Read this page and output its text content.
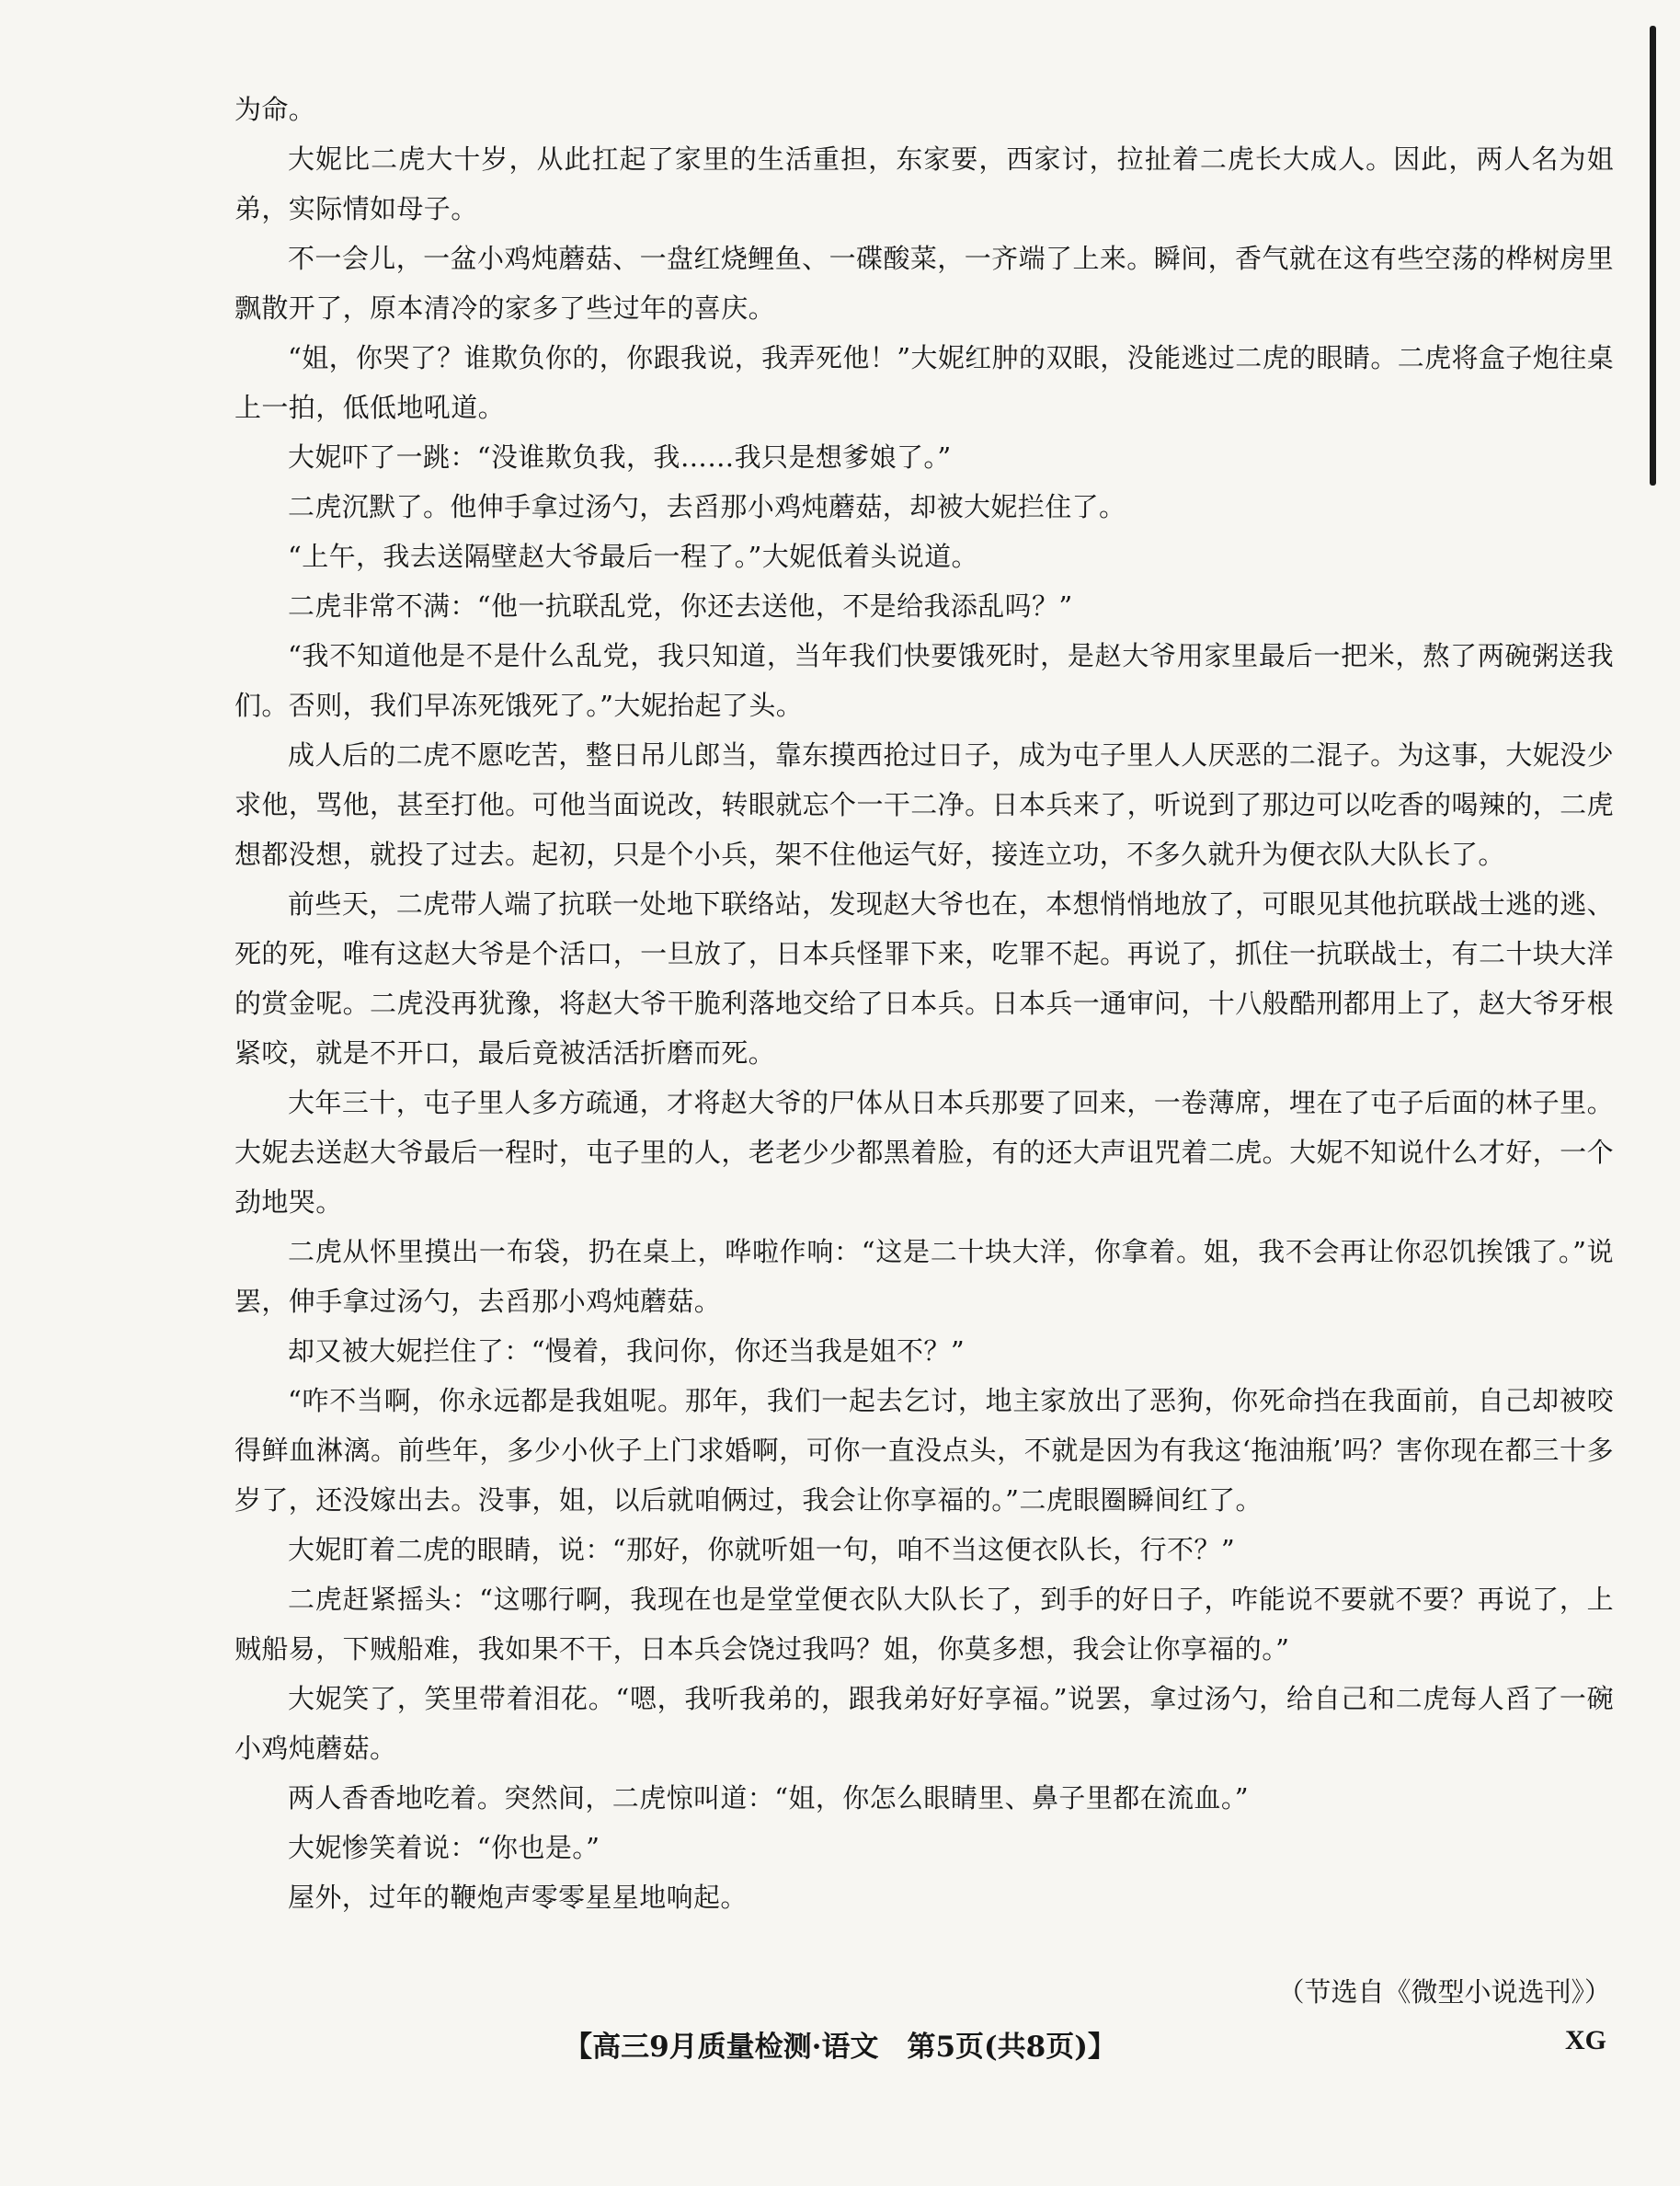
为命。

大妮比二虎大十岁，从此扛起了家里的生活重担，东家要，西家讨，拉扯着二虎长大成人。因此，两人名为姐弟，实际情如母子。

不一会儿，一盆小鸡炖蘑菇、一盘红烧鲤鱼、一碟酸菜，一齐端了上来。瞬间，香气就在这有些空荡的桦树房里飘散开了，原本清冷的家多了些过年的喜庆。

“姐，你哭了？谁欺负你的，你跟我说，我弄死他！”大妮红肿的双眼，没能逃过二虎的眼睛。二虎将盒子炮往桌上一拍，低低地吼道。

大妮吓了一跳：“没谁欺负我，我……我只是想爹娘了。”

二虎沉默了。他伸手拿过汤勺，去舀那小鸡炖蘑菇，却被大妮拦住了。

“上午，我去送隔壁赵大爷最后一程了。”大妮低着头说道。

二虎非常不满：“他一抗联乱党，你还去送他，不是给我添乱吗？”

“我不知道他是不是什么乱党，我只知道，当年我们快要饿死时，是赵大爷用家里最后一把米，熬了两碗粥送我们。否则，我们早冻死饿死了。”大妮抬起了头。

成人后的二虎不愿吃苦，整日吊儿郎当，靠东摸西抢过日子，成为屯子里人人厌恶的二混子。为这事，大妮没少求他，骂他，甚至打他。可他当面说改，转眼就忘个一干二净。日本兵来了，听说到了那边可以吃香的喝辣的，二虎想都没想，就投了过去。起初，只是个小兵，架不住他运气好，接连立功，不多久就升为便衣队大队长了。

前些天，二虎带人端了抗联一处地下联络站，发现赵大爷也在，本想悄悄地放了，可眼见其他抗联战士逃的逃、死的死，唯有这赵大爷是个活口，一旦放了，日本兵怪罪下来，吃罪不起。再说了，抓住一抗联战士，有二十块大洋的赏金呢。二虎没再犹豫，将赵大爷干脆利落地交给了日本兵。日本兵一通审问，十八般酷刑都用上了，赵大爷牙根紧咬，就是不开口，最后竟被活活折磨而死。

大年三十，屯子里人多方疏通，才将赵大爷的尸体从日本兵那要了回来，一卷薄席，埋在了屯子后面的林子里。大妮去送赵大爷最后一程时，屯子里的人，老老少少都黑着脸，有的还大声诅咒着二虎。大妮不知说什么才好，一个劲地哭。

二虎从怀里摸出一布袋，扔在桌上，哗啦作响：“这是二十块大洋，你拿着。姐，我不会再让你忍饥挨饿了。”说罢，伸手拿过汤勺，去舀那小鸡炖蘑菇。

却又被大妮拦住了：“慢着，我问你，你还当我是姐不？”

“咋不当啊，你永远都是我姐呢。那年，我们一起去乞讨，地主家放出了恶狗，你死命挡在我面前，自己却被咬得鲜血淋漓。前些年，多少小伙子上门求婚啊，可你一直没点头，不就是因为有我这‘拖油瓶’吗？害你现在都三十多岁了，还没嫁出去。没事，姐，以后就咱俩过，我会让你享福的。”二虎眼圈瞬间红了。

大妮盯着二虎的眼睛，说：“那好，你就听姐一句，咱不当这便衣队长，行不？”

二虎赶紧摇头：“这哪行啊，我现在也是堂堂便衣队大队长了，到手的好日子，咋能说不要就不要？再说了，上贼船易，下贼船难，我如果不干，日本兵会饶过我吗？姐，你莫多想，我会让你享福的。”

大妮笑了，笑里带着泪花。“嗯，我听我弟的，跟我弟好好享福。”说罢，拿过汤勺，给自己和二虎每人舀了一碗小鸡炖蘑菇。

两人香香地吃着。突然间，二虎惊叫道：“姐，你怎么眼睛里、鼻子里都在流血。”

大妮惨笑着说：“你也是。”

屋外，过年的鞭炮声零零星星地响起。

（节选自《微型小说选刊》）
【高三9月质量检测·语文　第5页(共8页)】	XG
